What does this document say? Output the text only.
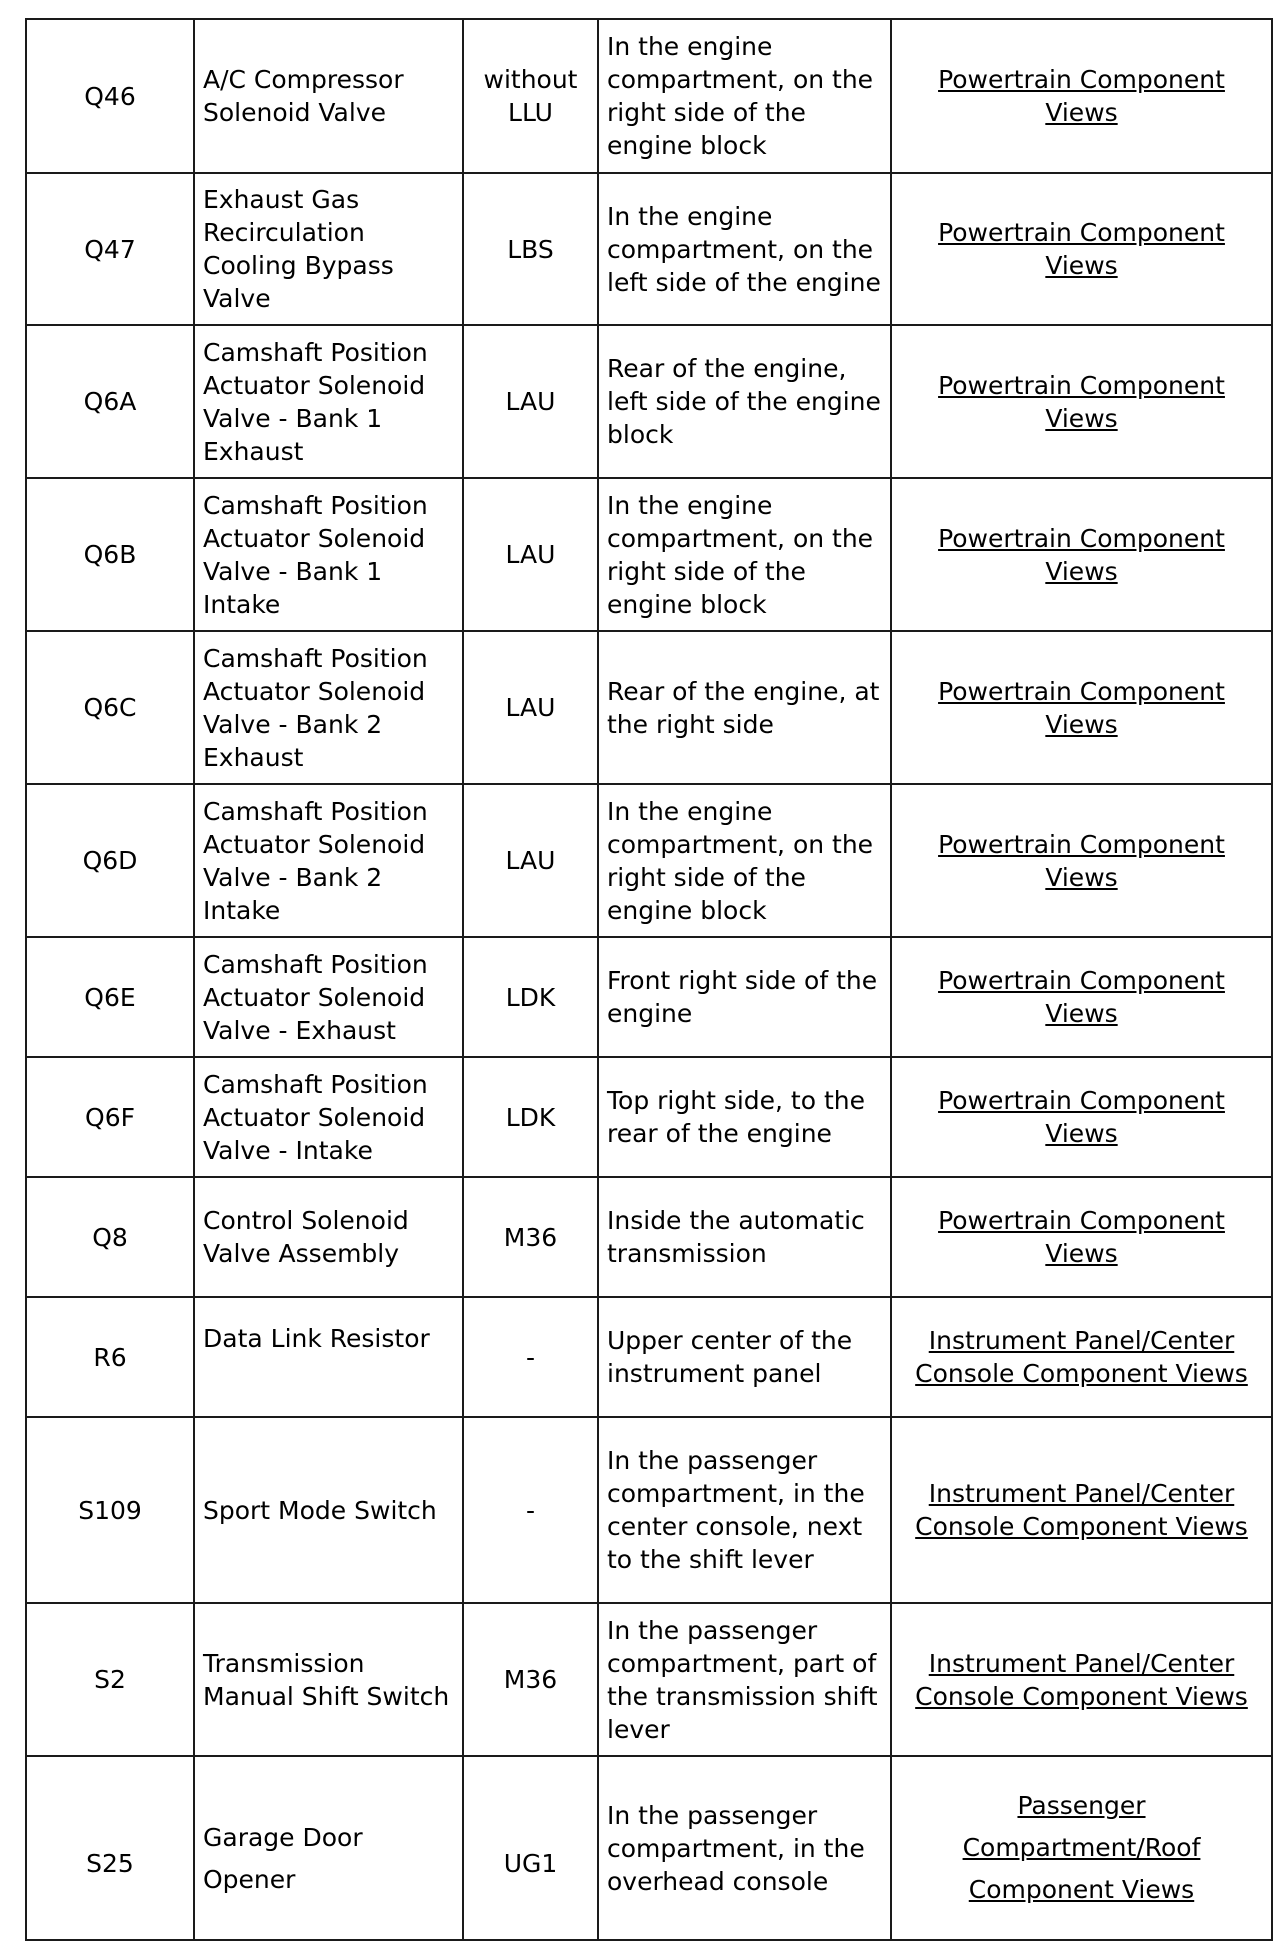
Q46	A/C Compressor Solenoid Valve	without LLU	In the engine compartment, on the right side of the engine block	Powertrain Component Views
Q47	Exhaust Gas Recirculation Cooling Bypass Valve	LBS	In the engine compartment, on the left side of the engine	Powertrain Component Views
Q6A	Camshaft Position Actuator Solenoid Valve - Bank 1 Exhaust	LAU	Rear of the engine, left side of the engine block	Powertrain Component Views
Q6B	Camshaft Position Actuator Solenoid Valve - Bank 1 Intake	LAU	In the engine compartment, on the right side of the engine block	Powertrain Component Views
Q6C	Camshaft Position Actuator Solenoid Valve - Bank 2 Exhaust	LAU	Rear of the engine, at the right side	Powertrain Component Views
Q6D	Camshaft Position Actuator Solenoid Valve - Bank 2 Intake	LAU	In the engine compartment, on the right side of the engine block	Powertrain Component Views
Q6E	Camshaft Position Actuator Solenoid Valve - Exhaust	LDK	Front right side of the engine	Powertrain Component Views
Q6F	Camshaft Position Actuator Solenoid Valve - Intake	LDK	Top right side, to the rear of the engine	Powertrain Component Views
Q8	Control Solenoid Valve Assembly	M36	Inside the automatic transmission	Powertrain Component Views
R6	Data Link Resistor	-	Upper center of the instrument panel	Instrument Panel/Center Console Component Views
S109	Sport Mode Switch	-	In the passenger compartment, in the center console, next to the shift lever	Instrument Panel/Center Console Component Views
S2	Transmission Manual Shift Switch	M36	In the passenger compartment, part of the transmission shift lever	Instrument Panel/Center Console Component Views
S25	Garage Door Opener	UG1	In the passenger compartment, in the overhead console	Passenger Compartment/Roof Component Views
